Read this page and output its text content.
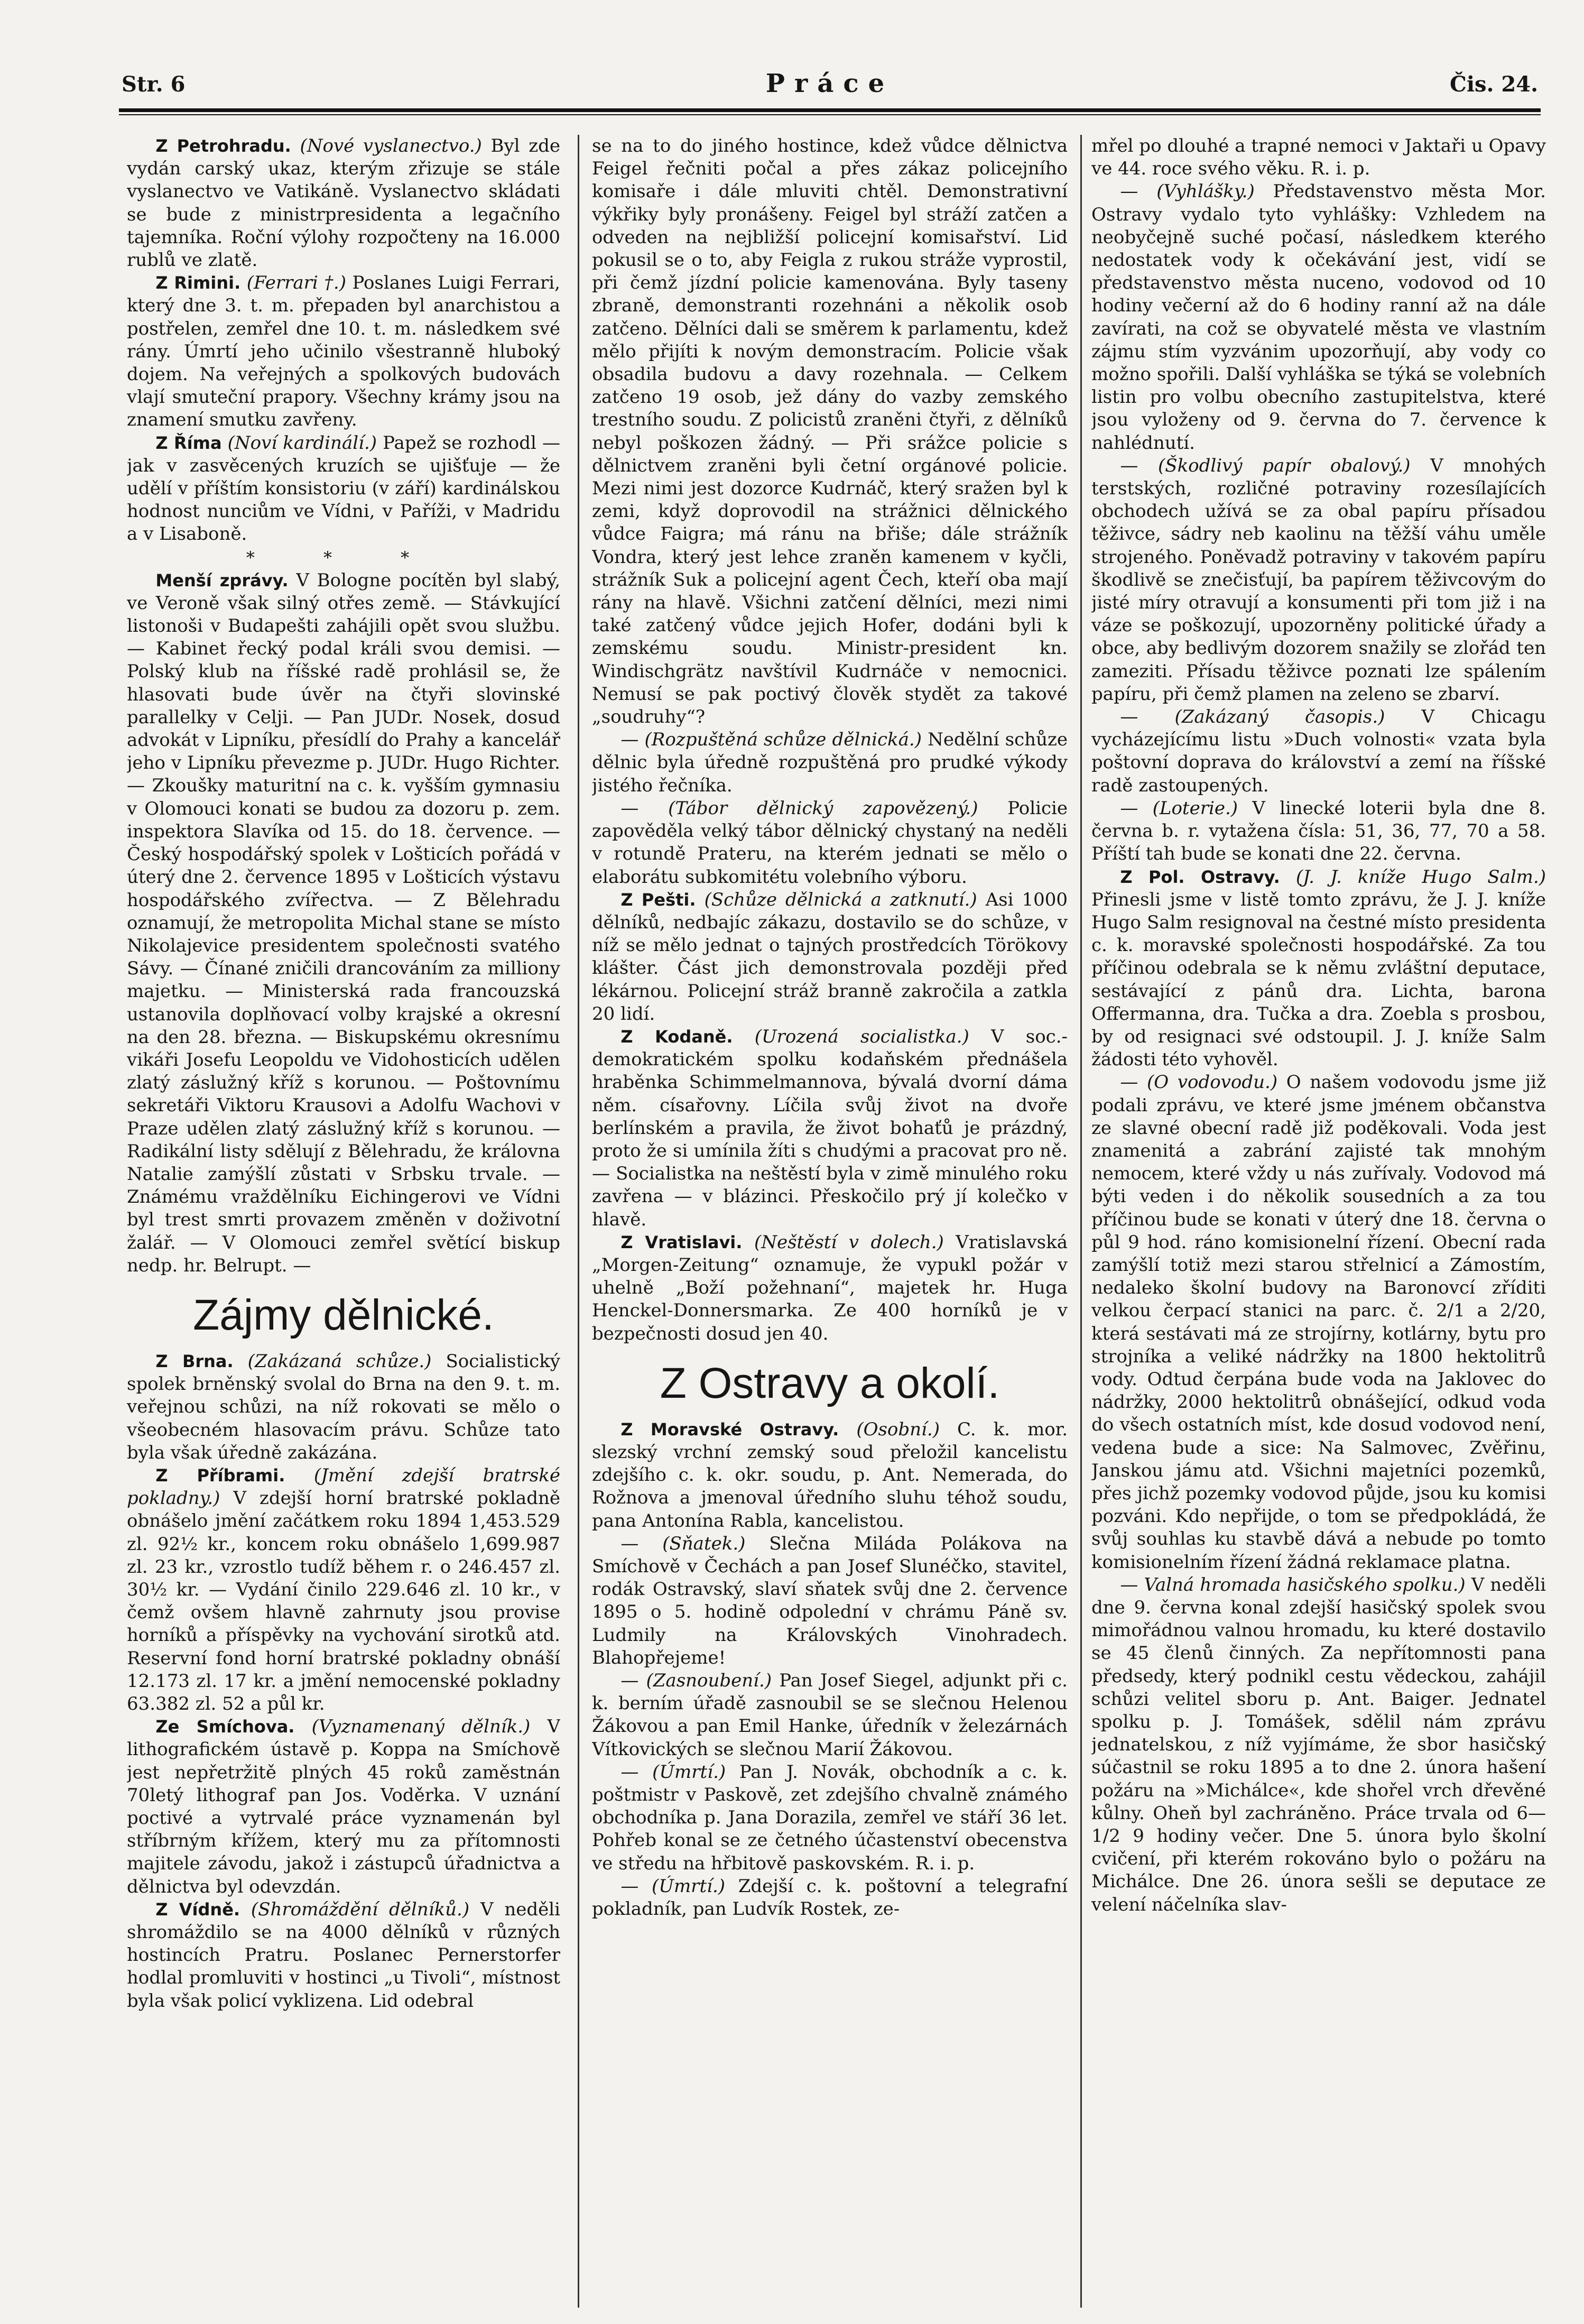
Str. 6	Práce	Čis. 24.

Z Petrohradu. (Nové vyslanectvo.) Byl zde vydán carský ukaz, kterým zřizuje se stále vyslanectvo ve Vatikáně. Vyslanectvo skládati se bude z ministrpresidenta a legačního tajemníka. Roční výlohy rozpočteny na 16.000 rublů ve zlatě.

Z Rimini. (Ferrari †.) Poslanes Luigi Ferrari, který dne 3. t. m. přepaden byl anarchistou a postřelen, zemřel dne 10. t. m. následkem své rány. Úmrtí jeho učinilo všestranně hluboký dojem. Na veřejných a spolkových budovách vlají smuteční prapory. Všechny krámy jsou na znamení smutku zavřeny.

Z Říma (Noví kardinálí.) Papež se rozhodl — jak v zasvěcených kruzích se ujišťuje — že udělí v příštím konsistoriu (v září) kardinálskou hodnost nunciům ve Vídni, v Paříži, v Madridu a v Lisaboně.

* * *

Menší zprávy. V Bologne pocítěn byl slabý, ve Veroně však silný otřes země. — Stávkující listonoši v Budapešti zahájili opět svou službu. — Kabinet řecký podal králi svou demisi. — Polský klub na říšské radě prohlásil se, že hlasovati bude úvěr na čtyři slovinské parallelky v Celji. — Pan JUDr. Nosek, dosud advokát v Lipníku, přesídlí do Prahy a kancelář jeho v Lipníku převezme p. JUDr. Hugo Richter. — Zkoušky maturitní na c. k. vyšším gymnasiu v Olomouci konati se budou za dozoru p. zem. inspektora Slavíka od 15. do 18. července. — Český hospodářský spolek v Lošticích pořádá v úterý dne 2. července 1895 v Lošticích výstavu hospodářského zvířectva. — Z Bělehradu oznamují, že metropolita Michal stane se místo Nikolajevice presidentem společnosti svatého Sávy. — Čínané zničili drancováním za milliony majetku. — Ministerská rada francouzská ustanovila doplňovací volby krajské a okresní na den 28. března. — Biskupskému okresnímu vikáři Josefu Leopoldu ve Vidohosticích udělen zlatý záslužný kříž s korunou. — Poštovnímu sekretáři Viktoru Krausovi a Adolfu Wachovi v Praze udělen zlatý záslužný kříž s korunou. — Radikální listy sdělují z Bělehradu, že královna Natalie zamýšlí zůstati v Srbsku trvale. — Známému vraždělníku Eichingerovi ve Vídni byl trest smrti provazem změněn v doživotní žalář. — V Olomouci zemřel světící biskup nedp. hr. Belrupt. —

Zájmy dělnické.

Z Brna. (Zakázaná schůze.) Socialistický spolek brněnský svolal do Brna na den 9. t. m. veřejnou schůzi, na níž rokovati se mělo o všeobecném hlasovacím právu. Schůze tato byla však úředně zakázána.

Z Příbrami. (Jmění zdejší bratrské pokladny.) V zdejší horní bratrské pokladně obnášelo jmění začátkem roku 1894 1,453.529 zl. 92½ kr., koncem roku obnášelo 1,699.987 zl. 23 kr., vzrostlo tudíž během r. o 246.457 zl. 30½ kr. — Vydání činilo 229.646 zl. 10 kr., v čemž ovšem hlavně zahrnuty jsou provise horníků a příspěvky na vychování sirotků atd. Reservní fond horní bratrské pokladny obnáší 12.173 zl. 17 kr. a jmění nemocenské pokladny 63.382 zl. 52 a půl kr.

Ze Smíchova. (Vyznamenaný dělník.) V lithografickém ústavě p. Koppa na Smíchově jest nepřetržitě plných 45 roků zaměstnán 70letý lithograf pan Jos. Voděrka. V uznání poctivé a vytrvalé práce vyznamenán byl stříbrným křížem, který mu za přítomnosti majitele závodu, jakož i zástupců úřadnictva a dělnictva byl odevzdán.

Z Vídně. (Shromáždění dělníků.) V neděli shromáždilo se na 4000 dělníků v různých hostincích Pratru. Poslanec Pernerstorfer hodlal promluviti v hostinci „u Tivoli“, místnost byla však policí vyklizena. Lid odebral

se na to do jiného hostince, kdež vůdce dělnictva Feigel řečniti počal a přes zákaz policejního komisaře i dále mluviti chtěl. Demonstrativní výkřiky byly pronášeny. Feigel byl stráží zatčen a odveden na nejbližší policejní komisařství. Lid pokusil se o to, aby Feigla z rukou stráže vyprostil, při čemž jízdní policie kamenována. Byly taseny zbraně, demonstranti rozehnáni a několik osob zatčeno. Dělníci dali se směrem k parlamentu, kdež mělo přijíti k novým demonstracím. Policie však obsadila budovu a davy rozehnala. — Celkem zatčeno 19 osob, jež dány do vazby zemského trestního soudu. Z policistů zraněni čtyři, z dělníků nebyl poškozen žádný. — Při srážce policie s dělnictvem zraněni byli četní orgánové policie. Mezi nimi jest dozorce Kudrnáč, který sražen byl k zemi, když doprovodil na strážnici dělnického vůdce Faigra; má ránu na břiše; dále strážník Vondra, který jest lehce zraněn kamenem v kyčli, strážník Suk a policejní agent Čech, kteří oba mají rány na hlavě. Všichni zatčení dělníci, mezi nimi také zatčený vůdce jejich Hofer, dodáni byli k zemskému soudu. Ministr-president kn. Windischgrätz navštívil Kudrnáče v nemocnici. Nemusí se pak poctivý člověk stydět za takové „soudruhy“?

— (Rozpuštěná schůze dělnická.) Nedělní schůze dělnic byla úředně rozpuštěná pro prudké výkody jistého řečníka.

— (Tábor dělnický zapovězený.) Policie zapověděla velký tábor dělnický chystaný na neděli v rotundě Prateru, na kterém jednati se mělo o elaborátu subkomitétu volebního výboru.

Z Pešti. (Schůze dělnická a zatknutí.) Asi 1000 dělníků, nedbajíc zákazu, dostavilo se do schůze, v níž se mělo jednat o tajných prostředcích Törökovy klášter. Část jich demonstrovala později před lékárnou. Policejní stráž branně zakročila a zatkla 20 lidí.

Z Kodaně. (Urozená socialistka.) V soc.-demokratickém spolku kodaňském přednášela hraběnka Schimmelmannova, bývalá dvorní dáma něm. císařovny. Líčila svůj život na dvoře berlínském a pravila, že život bohaťů je prázdný, proto že si umínila žíti s chudými a pracovat pro ně. — Socialistka na neštěstí byla v zimě minulého roku zavřena — v blázinci. Přeskočilo prý jí kolečko v hlavě.

Z Vratislavi. (Neštěstí v dolech.) Vratislavská „Morgen-Zeitung“ oznamuje, že vypukl požár v uhelně „Boží požehnaní“, majetek hr. Huga Henckel-Donnersmarka. Ze 400 horníků je v bezpečnosti dosud jen 40.

Z Ostravy a okolí.

Z Moravské Ostravy. (Osobní.) C. k. mor. slezský vrchní zemský soud přeložil kancelistu zdejšího c. k. okr. soudu, p. Ant. Nemerada, do Rožnova a jmenoval úředního sluhu téhož soudu, pana Antonína Rabla, kancelistou.

— (Sňatek.) Slečna Miláda Polákova na Smíchově v Čechách a pan Josef Slunéčko, stavitel, rodák Ostravský, slaví sňatek svůj dne 2. července 1895 o 5. hodině odpolední v chrámu Páně sv. Ludmily na Královských Vinohradech. Blahopřejeme!

— (Zasnoubení.) Pan Josef Siegel, adjunkt při c. k. berním úřadě zasnoubil se se slečnou Helenou Žákovou a pan Emil Hanke, úředník v železárnách Vítkovických se slečnou Marií Žákovou.

— (Úmrtí.) Pan J. Novák, obchodník a c. k. poštmistr v Paskově, zet zdejšího chvalně známého obchodníka p. Jana Dorazila, zemřel ve stáří 36 let. Pohřeb konal se ze četného účastenství obecenstva ve středu na hřbitově paskovském. R. i. p.

— (Úmrtí.) Zdejší c. k. poštovní a telegrafní pokladník, pan Ludvík Rostek, ze-

mřel po dlouhé a trapné nemoci v Jaktaři u Opavy ve 44. roce svého věku. R. i. p.

— (Vyhlášky.) Představenstvo města Mor. Ostravy vydalo tyto vyhlášky: Vzhledem na neobyčejně suché počasí, následkem kterého nedostatek vody k očekávání jest, vidí se představenstvo města nuceno, vodovod od 10 hodiny večerní až do 6 hodiny ranní až na dále zavírati, na což se obyvatelé města ve vlastním zájmu stím vyzvánim upozorňují, aby vody co možno spořili. Další vyhláška se týká se volebních listin pro volbu obecního zastupitelstva, které jsou vyloženy od 9. června do 7. července k nahlédnutí.

— (Škodlivý papír obalový.) V mnohých terstských, rozličné potraviny rozesílajících obchodech užívá se za obal papíru přísadou těživce, sádry neb kaolinu na těžší váhu uměle strojeného. Poněvadž potraviny v takovém papíru škodlivě se znečisťují, ba papírem těživcovým do jisté míry otravují a konsumenti při tom již i na váze se poškozují, upozorněny politické úřady a obce, aby bedlivým dozorem snažily se zlořád ten zameziti. Přísadu těživce poznati lze spálením papíru, při čemž plamen na zeleno se zbarví.

— (Zakázaný časopis.) V Chicagu vycházejícímu listu »Duch volnosti« vzata byla poštovní doprava do království a zemí na říšské radě zastoupených.

— (Loterie.) V linecké loterii byla dne 8. června b. r. vytažena čísla: 51, 36, 77, 70 a 58. Příští tah bude se konati dne 22. června.

Z Pol. Ostravy. (J. J. kníže Hugo Salm.) Přinesli jsme v listě tomto zprávu, že J. J. kníže Hugo Salm resignoval na čestné místo presidenta c. k. moravské společnosti hospodářské. Za tou příčinou odebrala se k němu zvláštní deputace, sestávající z pánů dra. Lichta, barona Offermanna, dra. Tučka a dra. Zoebla s prosbou, by od resignaci své odstoupil. J. J. kníže Salm žádosti této vyhověl.

— (O vodovodu.) O našem vodovodu jsme již podali zprávu, ve které jsme jménem občanstva ze slavné obecní radě již poděkovali. Voda jest znamenitá a zabrání zajisté tak mnohým nemocem, které vždy u nás zuřívaly. Vodovod má býti veden i do několik sousedních a za tou příčinou bude se konati v úterý dne 18. června o půl 9 hod. ráno komisionelní řízení. Obecní rada zamýšlí totiž mezi starou střelnicí a Zámostím, nedaleko školní budovy na Baronovcí zříditi velkou čerpací stanici na parc. č. 2/1 a 2/20, která sestávati má ze strojírny, kotlárny, bytu pro strojníka a veliké nádržky na 1800 hektolitrů vody. Odtud čerpána bude voda na Jaklovec do nádržky, 2000 hektolitrů obnášející, odkud voda do všech ostatních míst, kde dosud vodovod není, vedena bude a sice: Na Salmovec, Zvěřinu, Janskou jámu atd. Všichni majetníci pozemků, přes jichž pozemky vodovod půjde, jsou ku komisi pozváni. Kdo nepřijde, o tom se předpokládá, že svůj souhlas ku stavbě dává a nebude po tomto komisionelním řízení žádná reklamace platna.

— Valná hromada hasičského spolku.) V neděli dne 9. června konal zdejší hasičský spolek svou mimořádnou valnou hromadu, ku které dostavilo se 45 členů činných. Za nepřítomnosti pana předsedy, který podnikl cestu vědeckou, zahájil schůzi velitel sboru p. Ant. Baiger. Jednatel spolku p. J. Tomášek, sdělil nám zprávu jednatelskou, z níž vyjímáme, že sbor hasičský súčastnil se roku 1895 a to dne 2. února hašení požáru na »Michálce«, kde shořel vrch dřevěné kůlny. Oheň byl zachráněno. Práce trvala od 6—1/2 9 hodiny večer. Dne 5. února bylo školní cvičení, při kterém rokováno bylo o požáru na Michálce. Dne 26. února sešli se deputace ze velení náčelníka slav-
